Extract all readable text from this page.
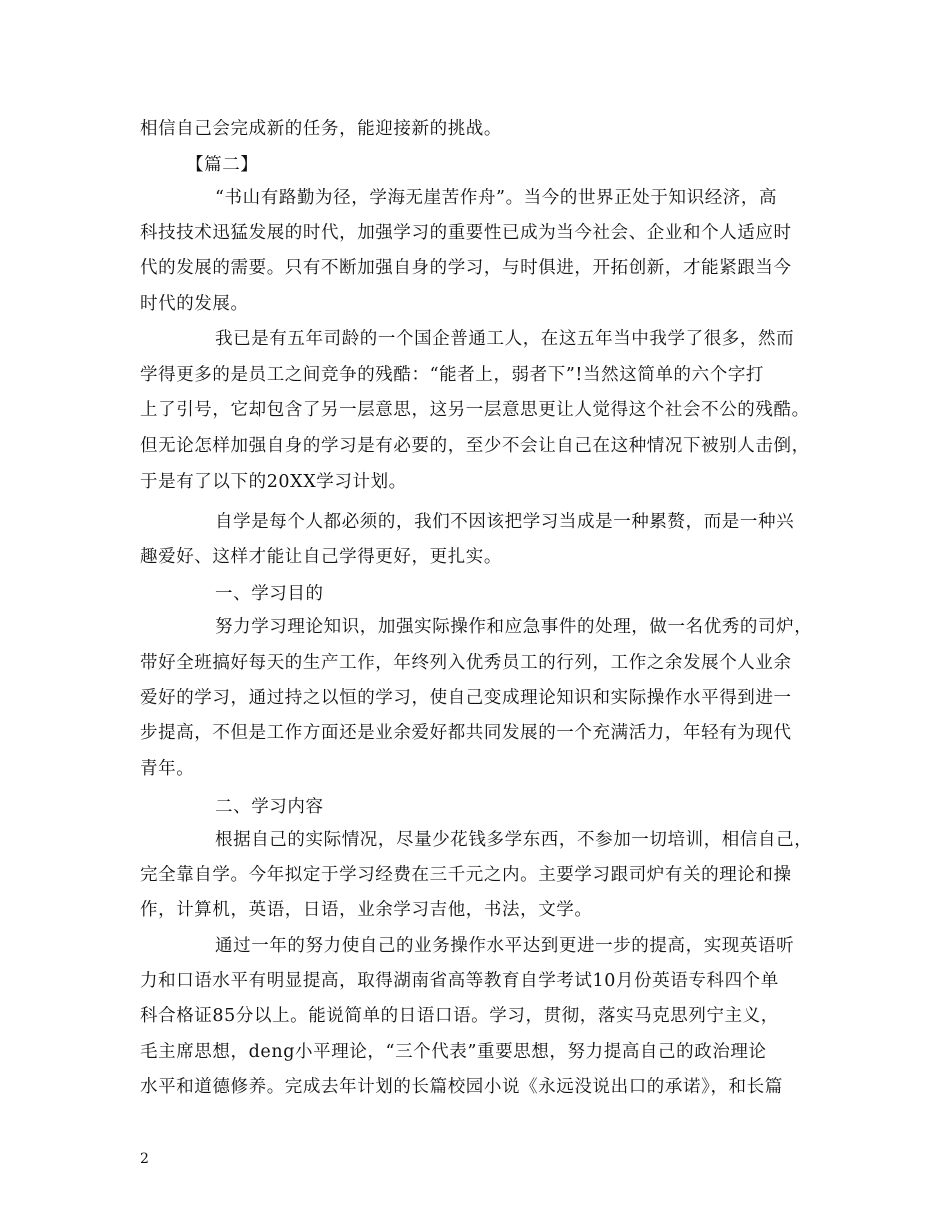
相信自己会完成新的任务，能迎接新的挑战。
【篇二】
“书山有路勤为径，学海无崖苦作舟”。当今的世界正处于知识经济，高
科技技术迅猛发展的时代，加强学习的重要性已成为当今社会、企业和个人适应时
代的发展的需要。只有不断加强自身的学习，与时俱进，开拓创新，才能紧跟当今
时代的发展。
我已是有五年司龄的一个国企普通工人，在这五年当中我学了很多，然而
学得更多的是员工之间竞争的残酷：“能者上，弱者下”!当然这简单的六个字打
上了引号，它却包含了另一层意思，这另一层意思更让人觉得这个社会不公的残酷。
但无论怎样加强自身的学习是有必要的，至少不会让自己在这种情况下被别人击倒，
于是有了以下的20XX学习计划。
自学是每个人都必须的，我们不因该把学习当成是一种累赘，而是一种兴
趣爱好、这样才能让自己学得更好，更扎实。
一、学习目的
努力学习理论知识，加强实际操作和应急事件的处理，做一名优秀的司炉，
带好全班搞好每天的生产工作，年终列入优秀员工的行列，工作之余发展个人业余
爱好的学习，通过持之以恒的学习，使自己变成理论知识和实际操作水平得到进一
步提高，不但是工作方面还是业余爱好都共同发展的一个充满活力，年轻有为现代
青年。
二、学习内容
根据自己的实际情况，尽量少花钱多学东西，不参加一切培训，相信自己，
完全靠自学。今年拟定于学习经费在三千元之内。主要学习跟司炉有关的理论和操
作，计算机，英语，日语，业余学习吉他，书法，文学。
通过一年的努力使自己的业务操作水平达到更进一步的提高，实现英语听
力和口语水平有明显提高，取得湖南省高等教育自学考试10月份英语专科四个单
科合格证85分以上。能说简单的日语口语。学习，贯彻，落实马克思列宁主义，
毛主席思想，deng小平理论，“三个代表”重要思想，努力提高自己的政治理论
水平和道德修养。完成去年计划的长篇校园小说《永远没说出口的承诺》，和长篇
2
